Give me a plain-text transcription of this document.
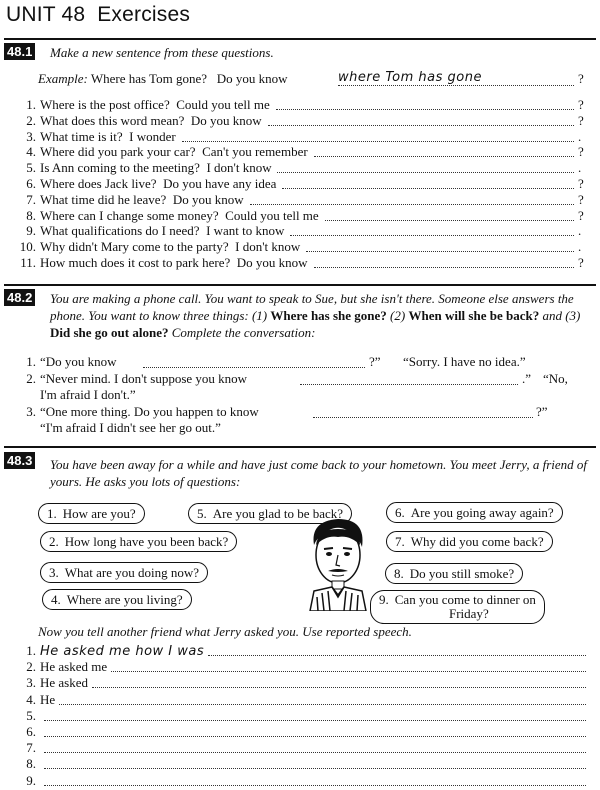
UNIT 48 Exercises
48.1 Make a new sentence from these questions.
Example: Where has Tom gone? Do you know	where Tom has gone	?
1. Where is the post office? Could you tell me	?
2. What does this word mean? Do you know	?
3. What time is it? I wonder	.
4. Where did you park your car? Can't you remember	?
5. Is Ann coming to the meeting? I don't know	.
6. Where does Jack live? Do you have any idea	?
7. What time did he leave? Do you know	?
8. Where can I change some money? Could you tell me	?
9. What qualifications do I need? I want to know	.
10. Why didn't Mary come to the party? I don't know	.
11. How much does it cost to park here? Do you know	?
48.2 You are making a phone call. You want to speak to Sue, but she isn't there. Someone else answers the phone. You want to know three things: (1) Where has she gone? (2) When will she be back? and (3) Did she go out alone? Complete the conversation:
1. “Do you know	?” “Sorry. I have no idea.”
2. “Never mind. I don't suppose you know	.” “No,
I'm afraid I don't.”
3. “One more thing. Do you happen to know	?”
“I'm afraid I didn't see her go out.”
48.3 You have been away for a while and have just come back to your hometown. You meet Jerry, a friend of yours. He asks you lots of questions:
1. How are you?
2. How long have you been back?
3. What are you doing now?
4. Where are you living?
5. Are you glad to be back?	6. Are you going away again?
7. Why did you come back?
8. Do you still smoke?
9. Can you come to dinner on
Friday?
Now you tell another friend what Jerry asked you. Use reported speech.
1. He asked me how I was
2. He asked me
3. He asked
4. He
5.
6.
7.
8.
9.
